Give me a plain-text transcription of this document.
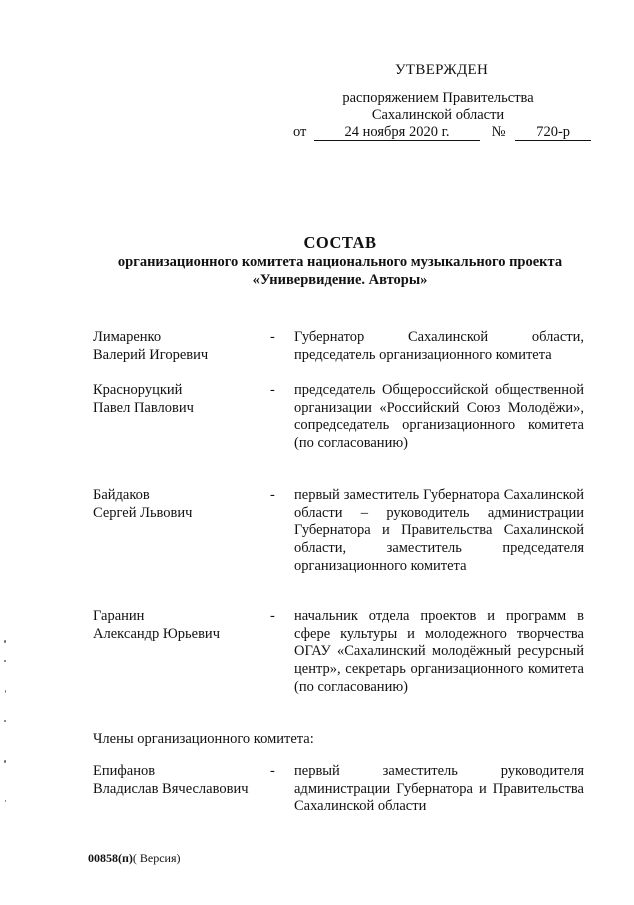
УТВЕРЖДЕН
распоряжением Правительства
Сахалинской области
от	24 ноября 2020 г.	№ 720-р
СОСТАВ
организационного комитета национального музыкального проекта
«Универвидение. Авторы»
Лимаренко
Валерий Игоревич
-	Губернатор Сахалинской области, председатель организационного комитета
Красноруцкий
Павел Павлович
-	председатель Общероссийской общественной организации «Российский Союз Молодёжи», сопредседатель организационного комитета (по согласованию)
Байдаков
Сергей Львович
-	первый заместитель Губернатора Сахалинской области – руководитель администрации Губернатора и Правительства Сахалинской области, заместитель председателя организационного комитета
Гаранин
Александр Юрьевич
-	начальник отдела проектов и программ в сфере культуры и молодежного творчества ОГАУ «Сахалинский молодёжный ресурсный центр», секретарь организационного комитета (по согласованию)
Члены организационного комитета:
Епифанов
Владислав Вячеславович
-	первый заместитель руководителя администрации Губернатора и Правительства Сахалинской области
00858(п)( Версия)
